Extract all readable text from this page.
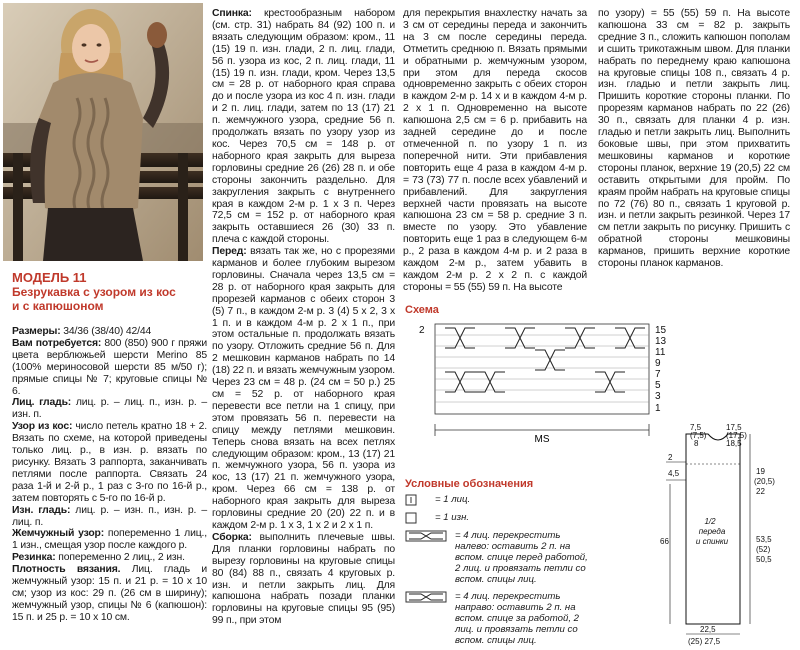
МОДЕЛЬ 11
Безрукавка с узором из кос
и с капюшоном

Размеры: 34/36 (38/40) 42/44

Вам потребуется: 800 (850) 900 г пряжи цвета верблюжьей шерсти Merino 85 (100% мериносовой шерсти 85 м/50 г); прямые спицы № 7; круговые спицы № 6.

Лиц. гладь: лиц. р. – лиц. п., изн. р. – изн. п.

Узор из кос: число петель кратно 18 + 2. Вязать по схеме, на которой приведены только лиц. р., в изн. р. вязать по рисунку. Вязать 3 раппорта, заканчивать петлями после раппорта. Связать 24 раза 1-й и 2-й р., 1 раз с 3-го по 16-й р., затем повторять с 5-го по 16-й р.

Изн. гладь: лиц. р. – изн. п., изн. р. – лиц. п.

Жемчужный узор: попеременно 1 лиц., 1 изн., смещая узор после каждого р.

Резинка: попеременно 2 лиц., 2 изн.

Плотность вязания. Лиц. гладь и жемчужный узор: 15 п. и 21 р. = 10 х 10 см; узор из кос: 29 п. (26 см в ширину); жемчужный узор, спицы № 6 (капюшон): 15 п. и 25 р. = 10 х 10 см.

Спинка: крестообразным набором (см. стр. 31) набрать 84 (92) 100 п. и вязать следующим образом: кром., 11 (15) 19 п. изн. глади, 2 п. лиц. глади, 56 п. узора из кос, 2 п. лиц. глади, 11 (15) 19 п. изн. глади, кром. Через 13,5 см = 28 р. от наборного края справа до и после узора из кос 4 п. изн. глади и 2 п. лиц. глади, затем по 13 (17) 21 п. жемчужного узора, средние 56 п. продолжать вязать по узору узор из кос. Через 70,5 см = 148 р. от наборного края закрыть для выреза горловины средние 26 (26) 28 п. и обе стороны закончить раздельно. Для закругления закрыть с внутреннего края в каждом 2-м р. 1 х 3 п. Через 72,5 см = 152 р. от наборного края закрыть оставшиеся 26 (30) 33 п. плеча с каждой стороны.

Перед: вязать так же, но с прорезями карманов и более глубоким вырезом горловины. Сначала через 13,5 см = 28 р. от наборного края закрыть для прорезей карманов с обеих сторон 3 (5) 7 п., в каждом 2-м р. 3 (4) 5 х 2, 3 х 1 п. и в каждом 4-м р. 2 х 1 п., при этом остальные п. продолжать вязать по узору. Отложить средние 56 п. Для 2 мешковин карманов набрать по 14 (18) 22 п. и вязать жемчужным узором. Через 23 см = 48 р. (24 см = 50 р.) 25 см = 52 р. от наборного края перевести все петли на 1 спицу, при этом провязать 56 п. перевести на спицу между петлями мешковин. Теперь снова вязать на всех петлях следующим образом: кром., 13 (17) 21 п. жемчужного узора, 56 п. узора из кос, 13 (17) 21 п. жемчужного узора, кром. Через 66 см = 138 р. от наборного края закрыть для выреза горловины средние 20 (20) 22 п. и в каждом 2-м р. 1 х 3, 1 х 2 и 2 х 1 п.

Сборка: выполнить плечевые швы. Для планки горловины набрать по вырезу горловины на круговые спицы 80 (84) 88 п., связать 4 круговых р. изн. и петли закрыть лиц. Для капюшона набрать позади планки горловины на круговые спицы 95 (95) 99 п., при этом

для перекрытия внахлестку начать за 3 см от середины переда и закончить на 3 см после середины переда. Отметить среднюю п. Вязать прямыми и обратными р. жемчужным узором, при этом для переда скосов одновременно закрыть с обеих сторон в каждом 2-м р. 14 х и в каждом 4-м р. 2 х 1 п. Одновременно на высоте капюшона 2,5 см = 6 р. прибавить на задней середине до и после отмеченной п. по узору 1 п. из поперечной нити. Эти прибавления повторить еще 4 раза в каждом 4-м р. = 73 (73) 77 п. после всех убавлений и прибавлений. Для закругления верхней части провязать на высоте капюшона 23 см = 58 р. средние 3 п. вместе по узору. Это убавление повторить еще 1 раз в следующем 6-м р., 2 раза в каждом 4-м р. и 2 раза в каждом 2-м р., затем убавить в каждом 2-м р. 2 х 2 п. с каждой стороны = 55 (55) 59 п. На высоте

по узору) = 55 (55) 59 п. На высоте капюшона 33 см = 82 р. закрыть средние 3 п., сложить капюшон пополам и сшить трикотажным швом. Для планки набрать по переднему краю капюшона на круговые спицы 108 п., связать 4 р. изн. гладью и петли закрыть лиц. Пришить короткие стороны планки. По прорезям карманов набрать по 22 (26) 30 п., связать для планки 4 р. изн. гладью и петли закрыть лиц. Выполнить боковые швы, при этом прихватить мешковины карманов и короткие стороны планок, верхние 19 (20,5) 22 см оставить открытыми для пройм. По краям пройм набрать на круговые спицы по 72 (76) 80 п., связать 1 круговой р. изн. и петли закрыть резинкой. Через 17 см петли закрыть по рисунку. Пришить с обратной стороны мешковины карманов, пришить верхние короткие стороны планок карманов.

Схема
15
13
11
9
7
5
3
1
2
MS
Условные обозначения
= 1 лиц.
= 1 изн.
= 4 лиц. перекрестить налево: оставить 2 п. на вспом. спице перед работой, 2 лиц. и провязать петли со вспом. спицы лиц.
= 4 лиц. перекрестить направо: оставить 2 п. на вспом. спице за работой, 2 лиц. и провязать петли со вспом. спицы лиц.
7,5
(7,5)
8
17,5
(17,5)
18,5
2
4,5	19
(20,5)
22
1/2
переда
и спинки
66	53,5
(52)
50,5
22,5
(25) 27,5
